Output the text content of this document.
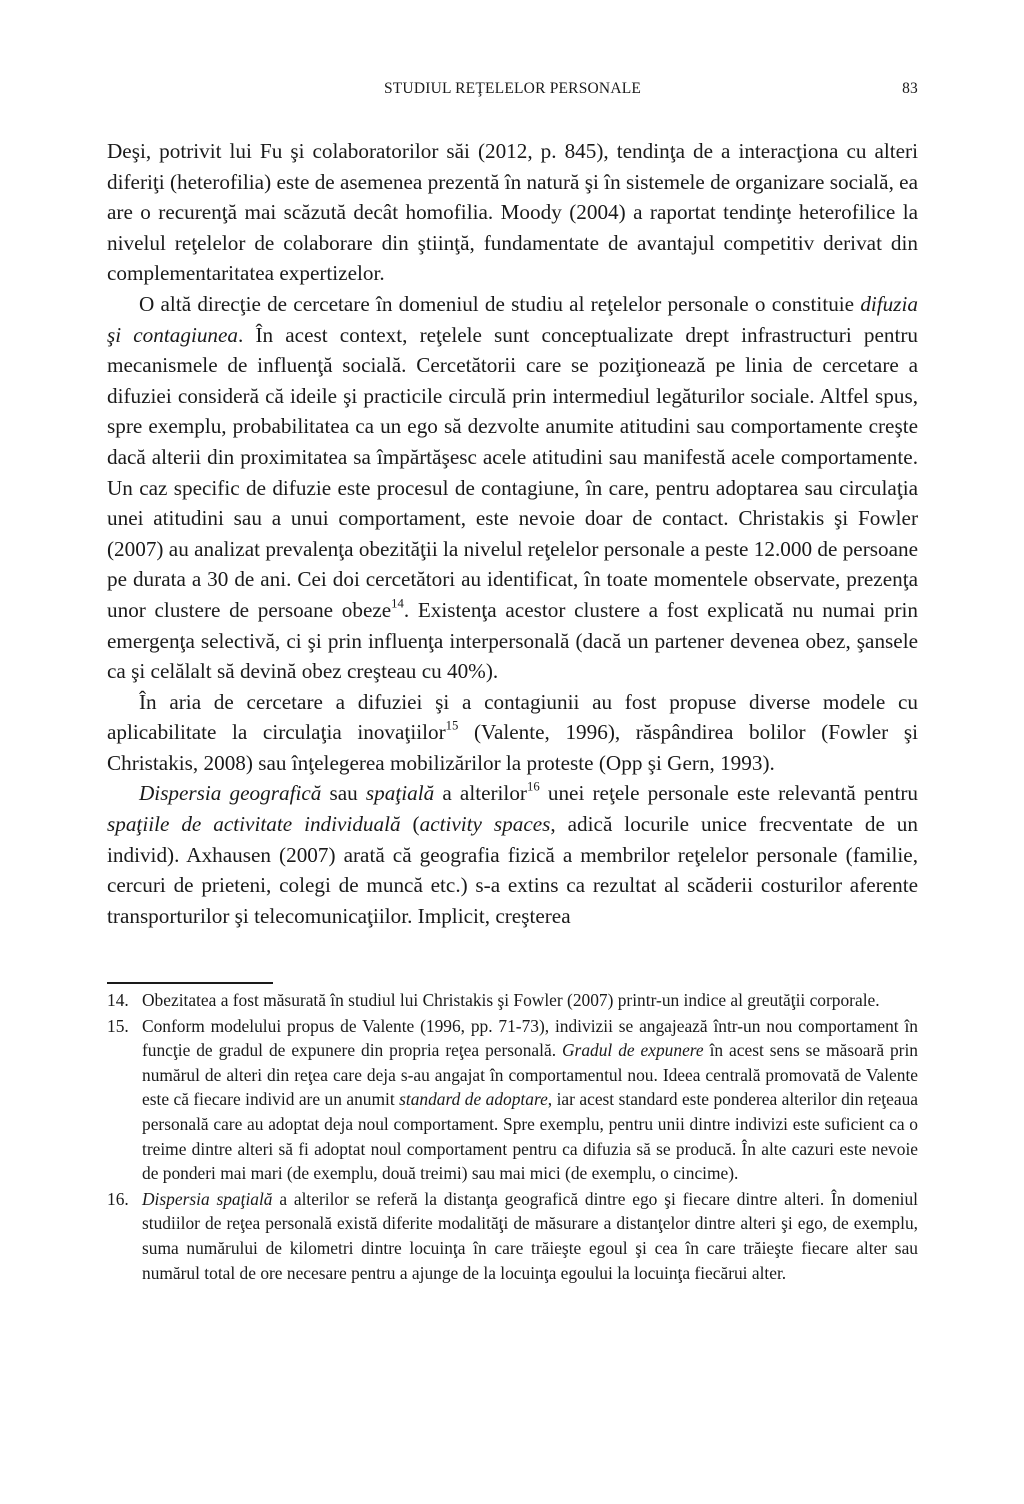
STUDIUL REŢELELOR PERSONALE	83

Deşi, potrivit lui Fu şi colaboratorilor săi (2012, p. 845), tendinţa de a interacţiona cu alteri diferiţi (heterofilia) este de asemenea prezentă în natură şi în sistemele de organizare socială, ea are o recurenţă mai scăzută decât homofilia. Moody (2004) a raportat tendinţe heterofilice la nivelul reţelelor de colaborare din ştiinţă, fundamentate de avantajul competitiv derivat din complementaritatea expertizelor.

O altă direcţie de cercetare în domeniul de studiu al reţelelor personale o constituie difuzia şi contagiunea. În acest context, reţelele sunt conceptualizate drept infrastructuri pentru mecanismele de influenţă socială. Cercetătorii care se poziţionează pe linia de cercetare a difuziei consideră că ideile şi practicile circulă prin intermediul legăturilor sociale. Altfel spus, spre exemplu, probabilitatea ca un ego să dezvolte anumite atitudini sau comportamente creşte dacă alterii din proximitatea sa împărtăşesc acele atitudini sau manifestă acele comportamente. Un caz specific de difuzie este procesul de contagiune, în care, pentru adoptarea sau circulaţia unei atitudini sau a unui comportament, este nevoie doar de contact. Christakis şi Fowler (2007) au analizat prevalenţa obezităţii la nivelul reţelelor personale a peste 12.000 de persoane pe durata a 30 de ani. Cei doi cercetători au identificat, în toate momentele observate, prezenţa unor clustere de persoane obeze$^{14}$. Existenţa acestor clustere a fost explicată nu numai prin emergenţa selectivă, ci şi prin influenţa interpersonală (dacă un partener devenea obez, şansele ca şi celălalt să devină obez creşteau cu 40%).

În aria de cercetare a difuziei şi a contagiunii au fost propuse diverse modele cu aplicabilitate la circulaţia inovaţiilor$^{15}$ (Valente, 1996), răspândirea bolilor (Fowler şi Christakis, 2008) sau înţelegerea mobilizărilor la proteste (Opp şi Gern, 1993).

Dispersia geografică sau spaţială a alterilor$^{16}$ unei reţele personale este relevantă pentru spaţiile de activitate individuală (activity spaces, adică locurile unice frecventate de un individ). Axhausen (2007) arată că geografia fizică a membrilor reţelelor personale (familie, cercuri de prieteni, colegi de muncă etc.) s-a extins ca rezultat al scăderii costurilor aferente transporturilor şi telecomunicaţiilor. Implicit, creşterea

14. Obezitatea a fost măsurată în studiul lui Christakis şi Fowler (2007) printr-un indice al greutăţii corporale.
15. Conform modelului propus de Valente (1996, pp. 71-73), indivizii se angajează într-un nou comportament în funcţie de gradul de expunere din propria reţea personală. Gradul de expunere în acest sens se măsoară prin numărul de alteri din reţea care deja s-au angajat în comportamentul nou. Ideea centrală promovată de Valente este că fiecare individ are un anumit standard de adoptare, iar acest standard este ponderea alterilor din reţeaua personală care au adoptat deja noul comportament. Spre exemplu, pentru unii dintre indivizi este suficient ca o treime dintre alteri să fi adoptat noul comportament pentru ca difuzia să se producă. În alte cazuri este nevoie de ponderi mai mari (de exemplu, două treimi) sau mai mici (de exemplu, o cincime).
16. Dispersia spaţială a alterilor se referă la distanţa geografică dintre ego şi fiecare dintre alteri. În domeniul studiilor de reţea personală există diferite modalităţi de măsurare a distanţelor dintre alteri şi ego, de exemplu, suma numărului de kilometri dintre locuinţa în care trăieşte egoul şi cea în care trăieşte fiecare alter sau numărul total de ore necesare pentru a ajunge de la locuinţa egoului la locuinţa fiecărui alter.
